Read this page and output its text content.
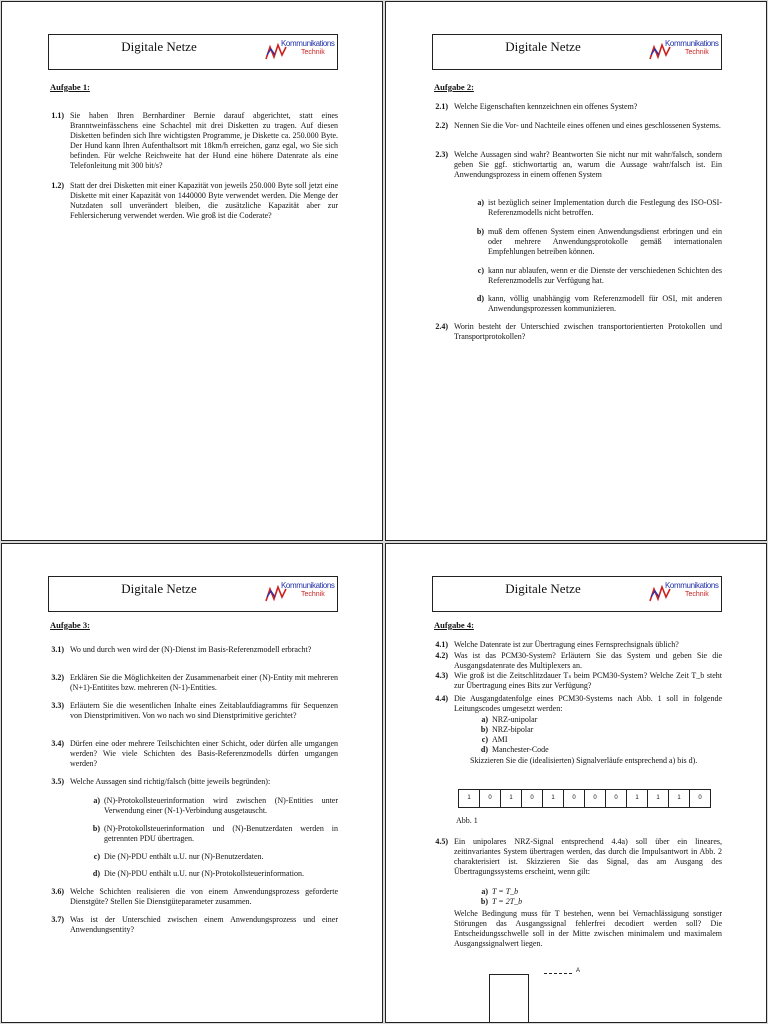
Digitale Netze	Kommunikations
Technik
Aufgabe 1:
1.1) Sie haben Ihren Bernhardiner Bernie darauf abgerichtet, statt eines Branntweinfässchens eine Schachtel mit drei Disketten zu tragen. Auf diesen Disketten befinden sich Ihre wichtigsten Programme, je Diskette ca. 250.000 Byte. Der Hund kann Ihren Aufenthaltsort mit 18km/h erreichen, ganz egal, wo Sie sich befinden. Für welche Reichweite hat der Hund eine höhere Datenrate als eine Telefonleitung mit 300 bit/s?
1.2) Statt der drei Disketten mit einer Kapazität von jeweils 250.000 Byte soll jetzt eine Diskette mit einer Kapazität von 1440000 Byte verwendet werden. Die Menge der Nutzdaten soll unverändert bleiben, die zusätzliche Kapazität aber zur Fehlersicherung verwendet werden. Wie groß ist die Coderate?
Digitale Netze	Kommunikations
Technik
Aufgabe 2:
2.1) Welche Eigenschaften kennzeichnen ein offenes System?
2.2) Nennen Sie die Vor- und Nachteile eines offenen und eines geschlossenen Systems.
2.3) Welche Aussagen sind wahr? Beantworten Sie nicht nur mit wahr/falsch, sondern geben Sie ggf. stichwortartig an, warum die Aussage wahr/falsch ist. Ein Anwendungsprozess in einem offenen System
a) ist bezüglich seiner Implementation durch die Festlegung des ISO-OSI-Referenzmodells nicht betroffen.
b) muß dem offenen System einen Anwendungsdienst erbringen und ein oder mehrere Anwendungsprotokolle gemäß internationalen Empfehlungen betreiben können.
c) kann nur ablaufen, wenn er die Dienste der verschiedenen Schichten des Referenzmodells zur Verfügung hat.
d) kann, völlig unabhängig vom Referenzmodell für OSI, mit anderen Anwendungsprozessen kommunizieren.
2.4) Worin besteht der Unterschied zwischen transportorientierten Protokollen und Transportprotokollen?
Digitale Netze	Kommunikations
Technik
Aufgabe 3:
3.1) Wo und durch wen wird der (N)-Dienst im Basis-Referenzmodell erbracht?
3.2) Erklären Sie die Möglichkeiten der Zusammenarbeit einer (N)-Entity mit mehreren (N+1)-Entitites bzw. mehreren (N-1)-Entities.
3.3) Erläutern Sie die wesentlichen Inhalte eines Zeitablaufdiagramms für Sequenzen von Dienstprimitiven. Von wo nach wo sind Dienstprimitive gerichtet?
3.4) Dürfen eine oder mehrere Teilschichten einer Schicht, oder dürfen alle umgangen werden? Wie viele Schichten des Basis-Referenzmodells dürfen umgangen werden?
3.5) Welche Aussagen sind richtig/falsch (bitte jeweils begründen):
a) (N)-Protokollsteuerinformation wird zwischen (N)-Entities unter Verwendung einer (N-1)-Verbindung ausgetauscht.
b) (N)-Protokollsteuerinformation und (N)-Benutzerdaten werden in getrennten PDU übertragen.
c) Die (N)-PDU enthält u.U. nur (N)-Benutzerdaten.
d) Die (N)-PDU enthält u.U. nur (N)-Protokollsteuerinformation.
3.6) Welche Schichten realisieren die von einem Anwendungsprozess geforderte Dienstgüte? Stellen Sie Dienstgüteparameter zusammen.
3.7) Was ist der Unterschied zwischen einem Anwendungsprozess und einer Anwendungsentity?
Digitale Netze	Kommunikations
Technik
Aufgabe 4:
4.1) Welche Datenrate ist zur Übertragung eines Fernsprechsignals üblich?
4.2) Was ist das PCM30-System? Erläutern Sie das System und geben Sie die Ausgangsdatenrate des Multiplexers an.
4.3) Wie groß ist die Zeitschlitzdauer Tₛ beim PCM30-System? Welche Zeit T_b steht zur Übertragung eines Bits zur Verfügung?
4.4) Die Ausgangdatenfolge eines PCM30-Systems nach Abb. 1 soll in folgende Leitungscodes umgesetzt werden:
a) NRZ-unipolar
b) NRZ-bipolar
c) AMI
d) Manchester-Code
Skizzieren Sie die (idealisierten) Signalverläufe entsprechend a) bis d).
1	0	1	0	1	0	0	0	1	1	1	0
Abb. 1
4.5) Ein unipolares NRZ-Signal entsprechend 4.4a) soll über ein lineares, zeitinvariantes System übertragen werden, das durch die Impulsantwort in Abb. 2 charakterisiert ist. Skizzieren Sie das Signal, das am Ausgang des Übertragungssystems erscheint, wenn gilt:
a) T = T_b
b) T = 2T_b
Welche Bedingung muss für T bestehen, wenn bei Vernachlässigung sonstiger Störungen das Ausgangssignal fehlerfrei decodiert werden soll? Die Entscheidungsschwelle soll in der Mitte zwischen minimalem und maximalem Ausgangssignalwert liegen.
A
